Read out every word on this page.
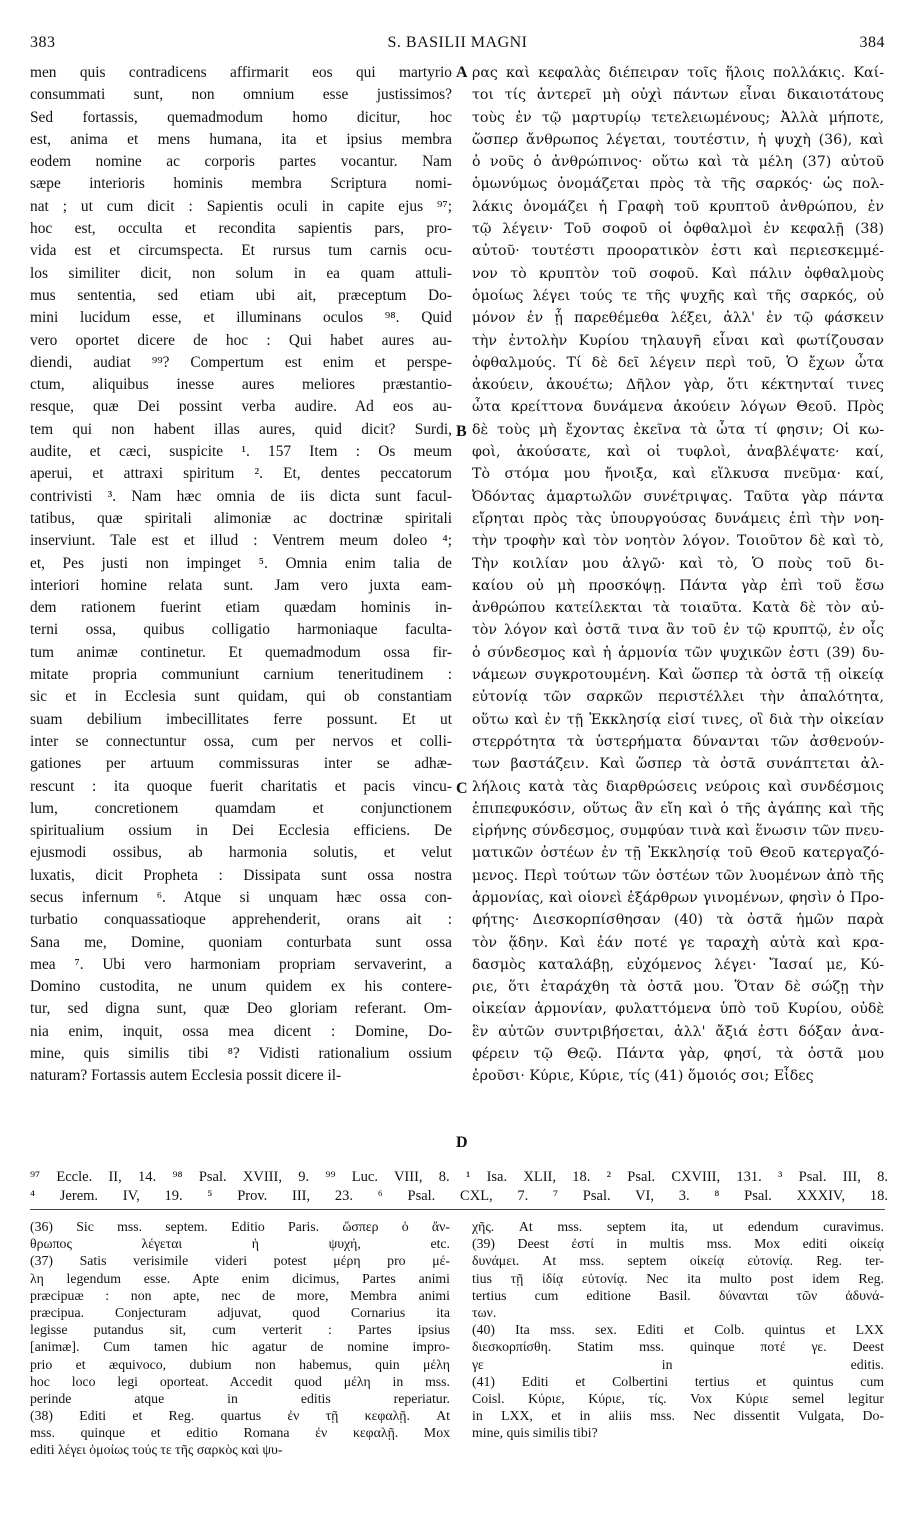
383	S. BASILII MAGNI	384
men quis contradicens affirmarit eos qui martyrio
consummati sunt, non omnium esse justissimos?
Sed fortassis, quemadmodum homo dicitur, hoc
est, anima et mens humana, ita et ipsius membra
eodem nomine ac corporis partes vocantur. Nam
sæpe interioris hominis membra Scriptura nomi-
nat ; ut cum dicit : Sapientis oculi in capite ejus ⁹⁷;
hoc est, occulta et recondita sapientis pars, pro-
vida est et circumspecta. Et rursus tum carnis ocu-
los similiter dicit, non solum in ea quam attuli-
mus sententia, sed etiam ubi ait, præceptum Do-
mini lucidum esse, et illuminans oculos ⁹⁸. Quid
vero oportet dicere de hoc : Qui habet aures au-
diendi, audiat ⁹⁹? Compertum est enim et perspe-
ctum, aliquibus inesse aures meliores præstantio-
resque, quæ Dei possint verba audire. Ad eos au-
tem qui non habent illas aures, quid dicit? Surdi,
audite, et cæci, suspicite ¹. 157 Item : Os meum
aperui, et attraxi spiritum ². Et, dentes peccatorum
contrivisti ³. Nam hæc omnia de iis dicta sunt facul-
tatibus, quæ spiritali alimoniæ ac doctrinæ spiritali
inserviunt. Tale est et illud : Ventrem meum doleo ⁴;
et, Pes justi non impinget ⁵. Omnia enim talia de
interiori homine relata sunt. Jam vero juxta eam-
dem rationem fuerint etiam quædam hominis in-
terni ossa, quibus colligatio harmoniaque faculta-
tum animæ continetur. Et quemadmodum ossa fir-
mitate propria communiunt carnium teneritudinem :
sic et in Ecclesia sunt quidam, qui ob constantiam
suam debilium imbecillitates ferre possunt. Et ut
inter se connectuntur ossa, cum per nervos et colli-
gationes per artuum commissuras inter se adhæ-
rescunt : ita quoque fuerit charitatis et pacis vincu-
lum, concretionem quamdam et conjunctionem
spiritualium ossium in Dei Ecclesia efficiens. De
ejusmodi ossibus, ab harmonia solutis, et velut
luxatis, dicit Propheta : Dissipata sunt ossa nostra
secus infernum ⁶. Atque si unquam hæc ossa con-
turbatio conquassatioque apprehenderit, orans ait :
Sana me, Domine, quoniam conturbata sunt ossa
mea ⁷. Ubi vero harmoniam propriam servaverint, a
Domino custodita, ne unum quidem ex his contere-
tur, sed digna sunt, quæ Deo gloriam referant. Om-
nia enim, inquit, ossa mea dicent : Domine, Do-
mine, quis similis tibi ⁸? Vidisti rationalium ossium
naturam? Fortassis autem Ecclesia possit dicere il-
ρας καὶ κεφαλὰς διέπειραν τοῖς ἥλοις πολλάκις. Καί-
τοι τίς ἀντερεῖ μὴ οὐχὶ πάντων εἶναι δικαιοτάτους
τοὺς ἐν τῷ μαρτυρίῳ τετελειωμένους; Ἀλλὰ μήποτε,
ὥσπερ ἄνθρωπος λέγεται, τουτέστιν, ἡ ψυχὴ (36), καὶ
ὁ νοῦς ὁ ἀνθρώπινος· οὕτω καὶ τὰ μέλη (37) αὐτοῦ
ὁμωνύμως ὀνομάζεται πρὸς τὰ τῆς σαρκός· ὡς πολ-
λάκις ὀνομάζει ἡ Γραφὴ τοῦ κρυπτοῦ ἀνθρώπου, ἐν
τῷ λέγειν· Τοῦ σοφοῦ οἱ ὀφθαλμοὶ ἐν κεφαλῇ (38)
αὐτοῦ· τουτέστι προορατικὸν ἐστι καὶ περιεσκεμμέ-
νον τὸ κρυπτὸν τοῦ σοφοῦ. Καὶ πάλιν ὀφθαλμοὺς
ὁμοίως λέγει τούς τε τῆς ψυχῆς καὶ τῆς σαρκός, οὐ
μόνον ἐν ᾗ παρεθέμεθα λέξει, ἀλλ' ἐν τῷ φάσκειν
τὴν ἐντολὴν Κυρίου τηλαυγῆ εἶναι καὶ φωτίζουσαν
ὀφθαλμούς. Τί δὲ δεῖ λέγειν περὶ τοῦ, Ὁ ἔχων ὦτα
ἀκούειν, ἀκουέτω; Δῆλον γὰρ, ὅτι κέκτηνταί τινες
ὦτα κρείττονα δυνάμενα ἀκούειν λόγων Θεοῦ. Πρὸς
δὲ τοὺς μὴ ἔχοντας ἐκεῖνα τὰ ὦτα τί φησιν; Οἱ κω-
φοὶ, ἀκούσατε, καὶ οἱ τυφλοὶ, ἀναβλέψατε· καί,
Τὸ στόμα μου ἤνοιξα, καὶ εἵλκυσα πνεῦμα· καί,
Ὀδόντας ἁμαρτωλῶν συνέτριψας. Ταῦτα γὰρ πάντα
εἴρηται πρὸς τὰς ὑπουργούσας δυνάμεις ἐπὶ τὴν νοη-
τὴν τροφὴν καὶ τὸν νοητὸν λόγον. Τοιοῦτον δὲ καὶ τὸ,
Τὴν κοιλίαν μου ἀλγῶ· καὶ τὸ, Ὁ ποὺς τοῦ δι-
καίου οὐ μὴ προσκόψῃ. Πάντα γὰρ ἐπὶ τοῦ ἔσω
ἀνθρώπου κατείλεκται τὰ τοιαῦτα. Κατὰ δὲ τὸν αὐ-
τὸν λόγον καὶ ὀστᾶ τινα ἂν τοῦ ἐν τῷ κρυπτῷ, ἐν οἷς
ὁ σύνδεσμος καὶ ἡ ἁρμονία τῶν ψυχικῶν ἐστι (39) δυ-
νάμεων συγκροτουμένη. Καὶ ὥσπερ τὰ ὀστᾶ τῇ οἰκείᾳ
εὐτονίᾳ τῶν σαρκῶν περιστέλλει τὴν ἁπαλότητα,
οὕτω καὶ ἐν τῇ Ἐκκλησίᾳ εἰσί τινες, οἳ διὰ τὴν οἰκείαν
στερρότητα τὰ ὑστερήματα δύνανται τῶν ἀσθενούν-
των βαστάζειν. Καὶ ὥσπερ τὰ ὀστᾶ συνάπτεται ἀλ-
λήλοις κατὰ τὰς διαρθρώσεις νεύροις καὶ συνδέσμοις
ἐπιπεφυκόσιν, οὕτως ἂν εἴη καὶ ὁ τῆς ἀγάπης καὶ τῆς
εἰρήνης σύνδεσμος, συμφύαν τινὰ καὶ ἕνωσιν τῶν πνευ-
ματικῶν ὀστέων ἐν τῇ Ἐκκλησίᾳ τοῦ Θεοῦ κατεργαζό-
μενος. Περὶ τούτων τῶν ὀστέων τῶν λυομένων ἀπὸ τῆς
ἁρμονίας, καὶ οἱονεὶ ἐξάρθρων γινομένων, φησὶν ὁ Προ-
φήτης· Διεσκορπίσθησαν (40) τὰ ὀστᾶ ἡμῶν παρὰ
τὸν ᾅδην. Καὶ ἐάν ποτέ γε ταραχὴ αὐτὰ καὶ κρα-
δασμὸς καταλάβῃ, εὐχόμενος λέγει· Ἴασαί με, Κύ-
ριε, ὅτι ἐταράχθη τὰ ὀστᾶ μου. Ὅταν δὲ σώζῃ τὴν
οἰκείαν ἁρμονίαν, φυλαττόμενα ὑπὸ τοῦ Κυρίου, οὐδὲ
ἓν αὐτῶν συντριβήσεται, ἀλλ' ἄξιά ἐστι δόξαν ἀνα-
φέρειν τῷ Θεῷ. Πάντα γὰρ, φησί, τὰ ὀστᾶ μου
ἐροῦσι· Κύριε, Κύριε, τίς (41) ὅμοιός σοι; Εἶδες
A
B
C
D
⁹⁷ Eccle. II, 14. ⁹⁸ Psal. XVIII, 9. ⁹⁹ Luc. VIII, 8. ¹ Isa. XLII, 18. ² Psal. CXVIII, 131. ³ Psal. III, 8.
⁴ Jerem. IV, 19. ⁵ Prov. III, 23. ⁶ Psal. CXL, 7. ⁷ Psal. VI, 3. ⁸ Psal. XXXIV, 18.
(36) Sic mss. septem. Editio Paris. ὥσπερ ὁ ἄν-
θρωπος λέγεται ἡ ψυχή, etc.
(37) Satis verisimile videri potest μέρη pro μέ-
λη legendum esse. Apte enim dicimus, Partes animi
præcipuæ : non apte, nec de more, Membra animi
præcipua. Conjecturam adjuvat, quod Cornarius ita
legisse putandus sit, cum verterit : Partes ipsius
[animæ]. Cum tamen hic agatur de nomine impro-
prio et æquivoco, dubium non habemus, quin μέλη
hoc loco legi oporteat. Accedit quod μέλη in mss.
perinde atque in editis reperiatur.
(38) Editi et Reg. quartus ἐν τῇ κεφαλῇ. At
mss. quinque et editio Romana ἐν κεφαλῇ. Mox
editi λέγει ὁμοίως τούς τε τῆς σαρκὸς καὶ ψυ-
χῆς. At mss. septem ita, ut edendum curavimus.
(39) Deest ἐστί in multis mss. Mox editi οἰκείᾳ
δυνάμει. At mss. septem οἰκείᾳ εὐτονίᾳ. Reg. ter-
tius τῇ ἰδίᾳ εὐτονίᾳ. Nec ita multo post idem Reg.
tertius cum editione Basil. δύνανται τῶν ἀδυνά-
των.
(40) Ita mss. sex. Editi et Colb. quintus et LXX
διεσκορπίσθη. Statim mss. quinque ποτέ γε. Deest
γε in editis.
(41) Editi et Colbertini tertius et quintus cum
Coisl. Κύριε, Κύριε, τίς. Vox Κύριε semel legitur
in LXX, et in aliis mss. Nec dissentit Vulgata, Do-
mine, quis similis tibi?
